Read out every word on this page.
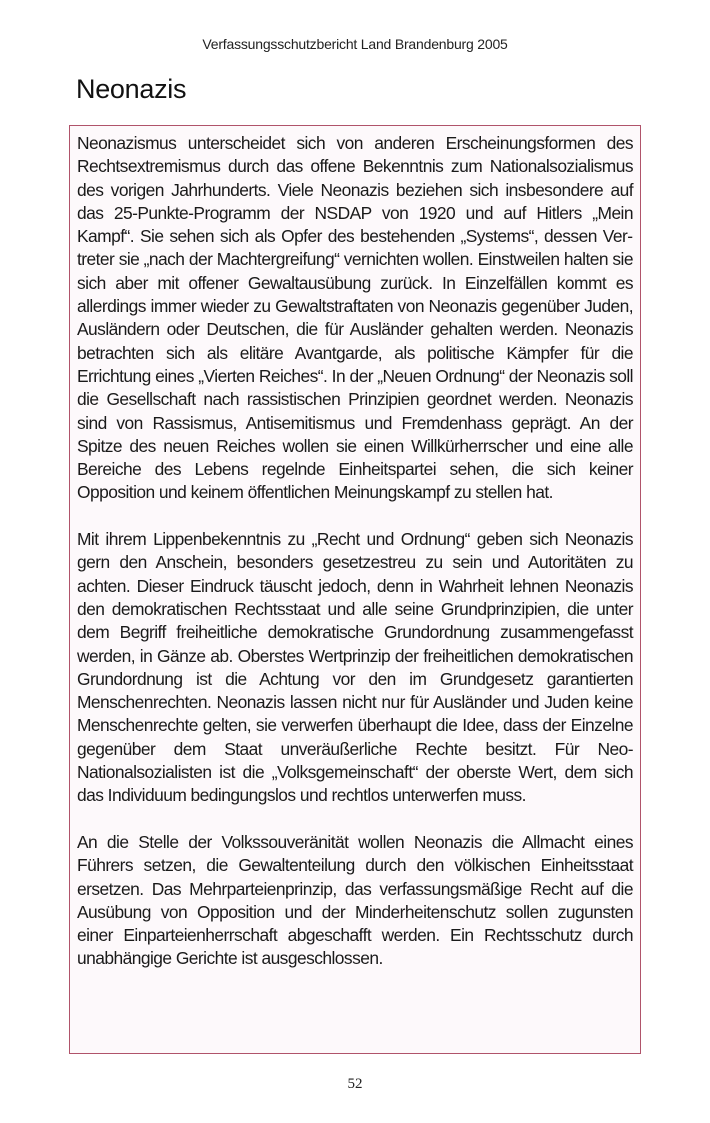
Verfassungsschutzbericht Land Brandenburg 2005
Neonazis

Neonazismus unterscheidet sich von anderen Erscheinungsformen des Rechtsextremismus durch das offene Bekenntnis zum Nationalsozialismus des vorigen Jahrhunderts. Viele Neonazis beziehen sich insbesondere auf das 25-Punkte-Programm der NSDAP von 1920 und auf Hitlers „Mein Kampf“. Sie sehen sich als Opfer des bestehenden „Systems“, dessen Vertreter sie „nach der Machtergreifung“ vernichten wollen. Einstweilen halten sie sich aber mit offener Gewaltausübung zurück. In Einzelfällen kommt es allerdings immer wieder zu Gewaltstraftaten von Neonazis gegenüber Juden, Ausländern oder Deutschen, die für Ausländer gehalten werden. Neonazis betrachten sich als elitäre Avantgarde, als politische Kämpfer für die Errichtung eines „Vierten Reiches“. In der „Neuen Ordnung“ der Neonazis soll die Gesellschaft nach rassistischen Prinzipien geordnet werden. Neonazis sind von Rassismus, Antisemitismus und Fremdenhass geprägt. An der Spitze des neuen Reiches wollen sie einen Willkürherrscher und eine alle Bereiche des Lebens regelnde Einheitspartei sehen, die sich keiner Opposition und keinem öffentlichen Meinungskampf zu stellen hat.

Mit ihrem Lippenbekenntnis zu „Recht und Ordnung“ geben sich Neonazis gern den Anschein, besonders gesetzestreu zu sein und Autoritäten zu achten. Dieser Eindruck täuscht jedoch, denn in Wahrheit lehnen Neonazis den demokratischen Rechtsstaat und alle seine Grundprinzipien, die unter dem Begriff freiheitliche demokratische Grundordnung zusammengefasst werden, in Gänze ab. Oberstes Wertprinzip der freiheitlichen demokratischen Grundordnung ist die Achtung vor den im Grundgesetz garantierten Menschenrechten. Neonazis lassen nicht nur für Ausländer und Juden keine Menschenrechte gelten, sie verwerfen überhaupt die Idee, dass der Einzelne gegenüber dem Staat unveräußerliche Rechte besitzt. Für Neo-Nationalsozialisten ist die „Volksgemeinschaft“ der oberste Wert, dem sich das Individuum bedingungslos und rechtlos unterwerfen muss.

An die Stelle der Volkssouveränität wollen Neonazis die Allmacht eines Führers setzen, die Gewaltenteilung durch den völkischen Einheitsstaat ersetzen. Das Mehrparteienprinzip, das verfassungsmäßige Recht auf die Ausübung von Opposition und der Minderheitenschutz sollen zugunsten einer Einparteienherrschaft abgeschafft werden. Ein Rechtsschutz durch unabhängige Gerichte ist ausgeschlossen.

52
